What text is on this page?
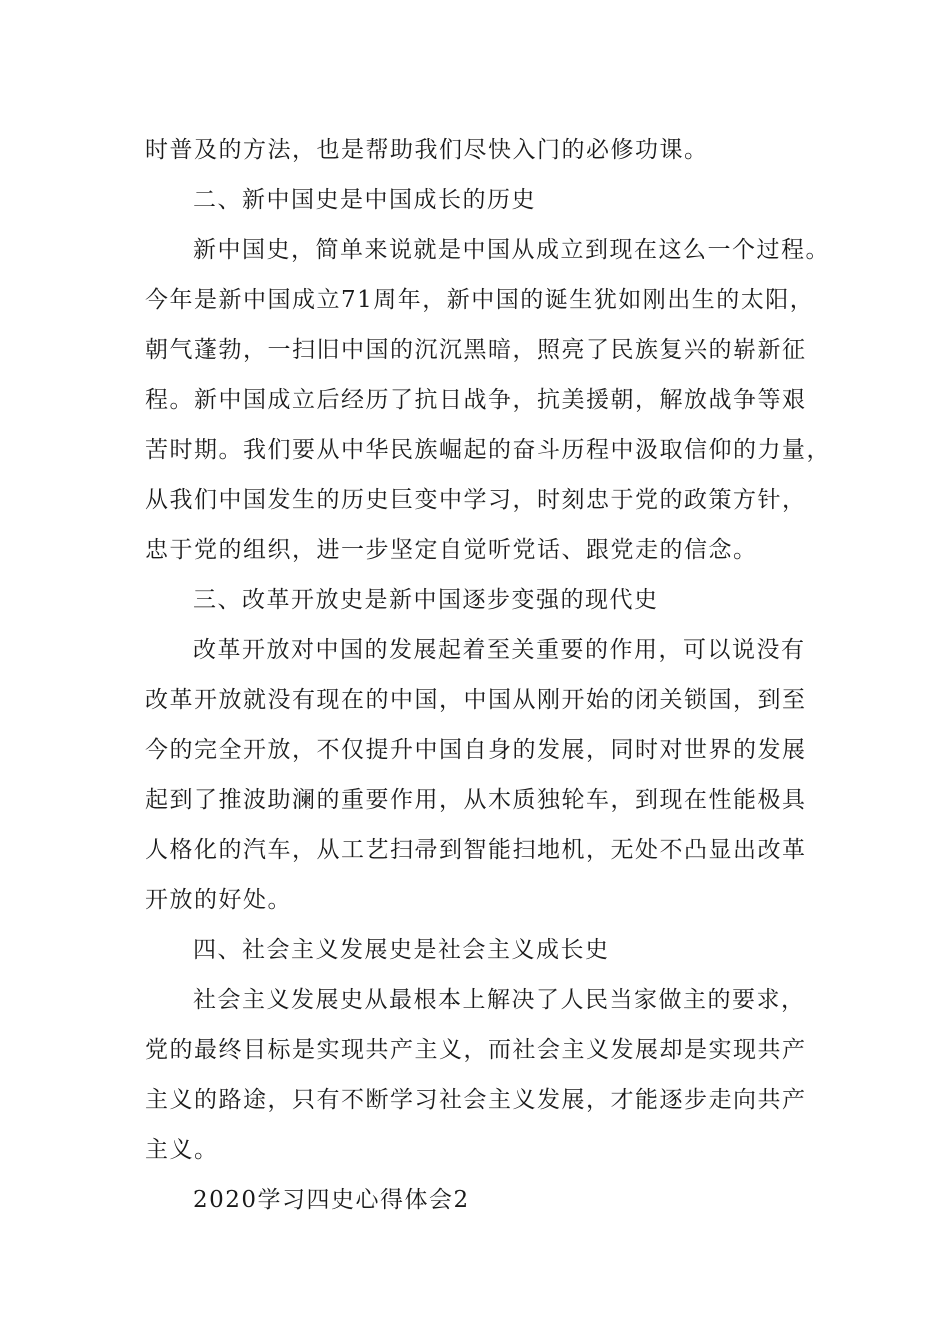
时普及的方法，也是帮助我们尽快入门的必修功课。
二、新中国史是中国成长的历史
新中国史，简单来说就是中国从成立到现在这么一个过程。
今年是新中国成立71周年，新中国的诞生犹如刚出生的太阳，
朝气蓬勃，一扫旧中国的沉沉黑暗，照亮了民族复兴的崭新征
程。新中国成立后经历了抗日战争，抗美援朝，解放战争等艰
苦时期。我们要从中华民族崛起的奋斗历程中汲取信仰的力量，
从我们中国发生的历史巨变中学习，时刻忠于党的政策方针，
忠于党的组织，进一步坚定自觉听党话、跟党走的信念。
三、改革开放史是新中国逐步变强的现代史
改革开放对中国的发展起着至关重要的作用，可以说没有
改革开放就没有现在的中国，中国从刚开始的闭关锁国，到至
今的完全开放，不仅提升中国自身的发展，同时对世界的发展
起到了推波助澜的重要作用，从木质独轮车，到现在性能极具
人格化的汽车，从工艺扫帚到智能扫地机，无处不凸显出改革
开放的好处。
四、社会主义发展史是社会主义成长史
社会主义发展史从最根本上解决了人民当家做主的要求，
党的最终目标是实现共产主义，而社会主义发展却是实现共产
主义的路途，只有不断学习社会主义发展，才能逐步走向共产
主义。
2020学习四史心得体会2
